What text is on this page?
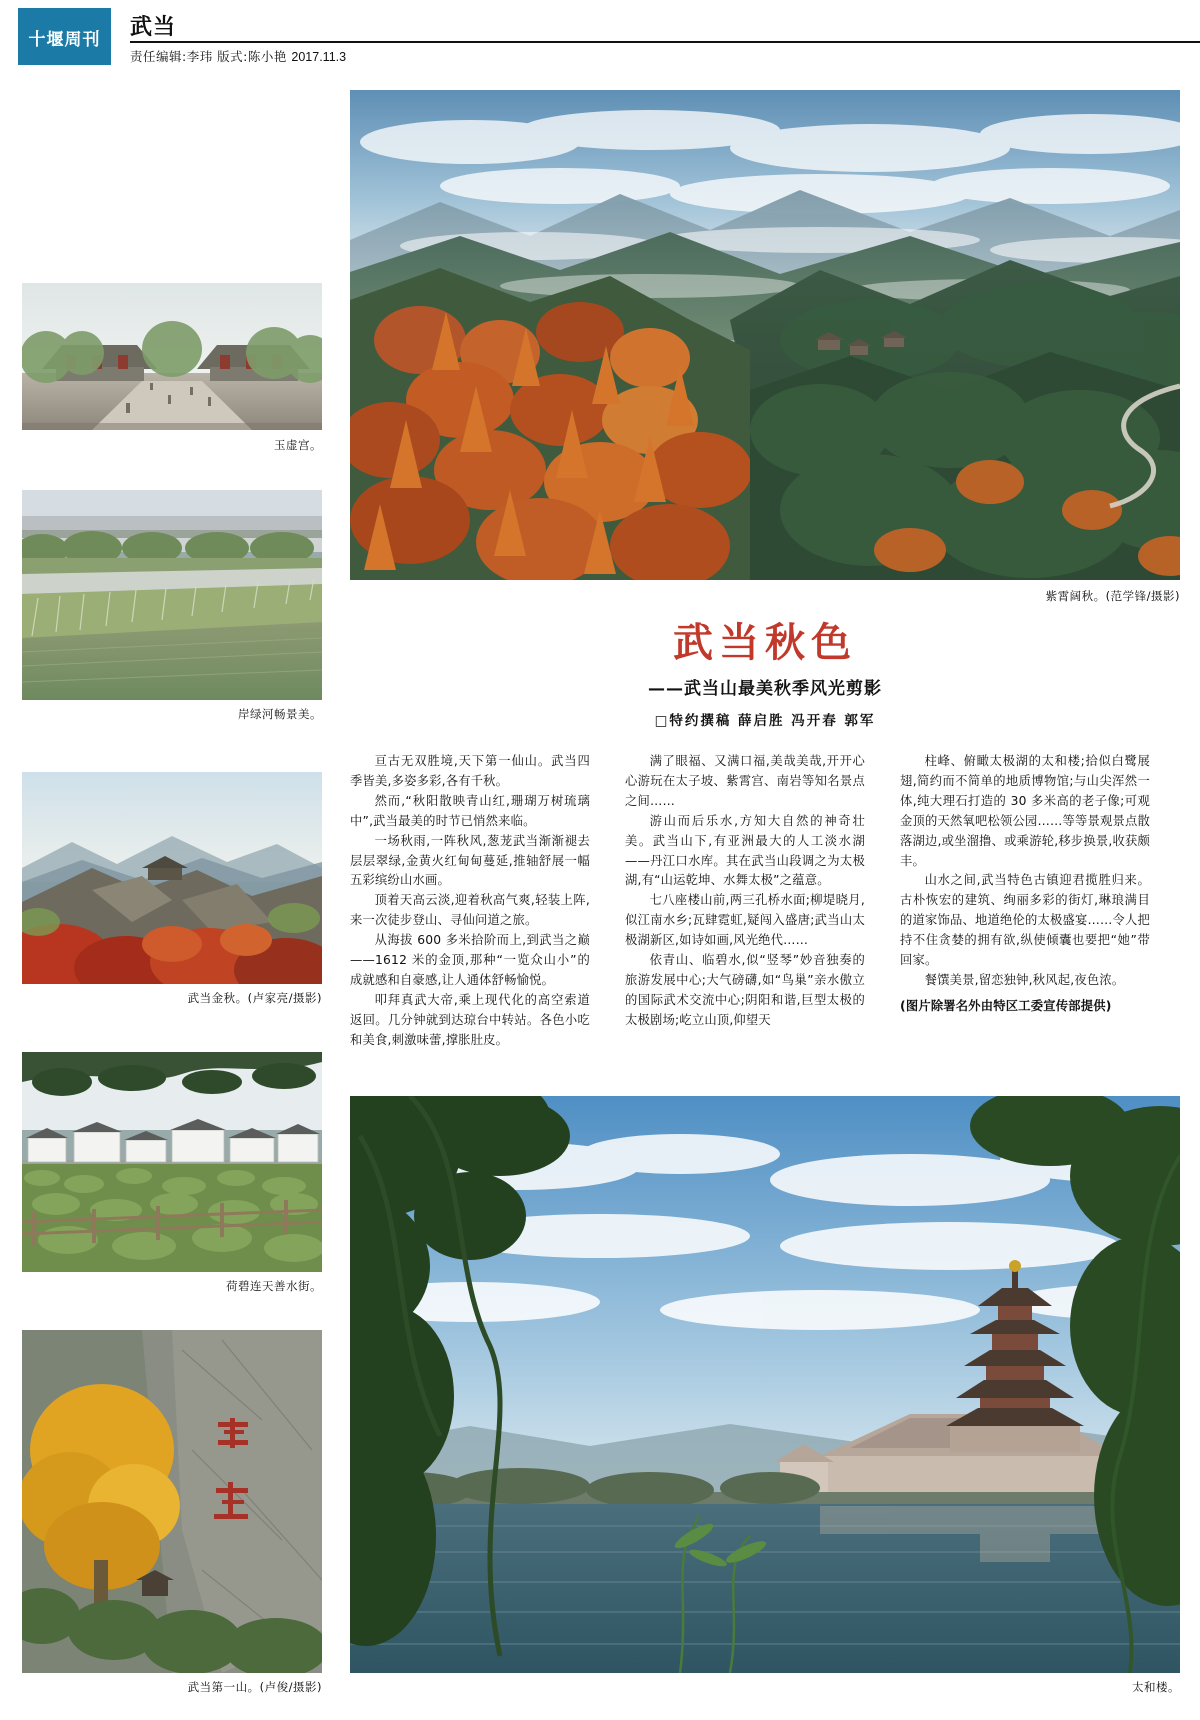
十堰周刊	武当
责任编辑:李玮 版式:陈小艳 2017.11.3
玉虚宫。
岸绿河畅景美。
武当金秋。(卢家亮/摄影)
荷碧连天善水街。
武当第一山。(卢俊/摄影)
紫霄阔秋。(范学锋/摄影)
武当秋色
——武当山最美秋季风光剪影
□特约撰稿 薛启胜 冯开春 郭军

亘古无双胜境,天下第一仙山。武当四季皆美,多姿多彩,各有千秋。

然而,“秋阳散映青山红,珊瑚万树琉璃中”,武当最美的时节已悄然来临。

一场秋雨,一阵秋风,葱茏武当渐渐褪去层层翠绿,金黄火红甸甸蔓延,推轴舒展一幅五彩缤纷山水画。

顶着天高云淡,迎着秋高气爽,轻装上阵,来一次徒步登山、寻仙问道之旅。

从海拔 600 多米拾阶而上,到武当之巅——1612 米的金顶,那种“一览众山小”的成就感和自豪感,让人通体舒畅愉悦。

叩拜真武大帝,乘上现代化的高空索道返回。几分钟就到达琼台中转站。各色小吃和美食,刺激味蕾,撑胀肚皮。

满了眼福、又满口福,美哉美哉,开开心心游玩在太子坡、紫霄宫、南岩等知名景点之间……

游山而后乐水,方知大自然的神奇壮美。武当山下,有亚洲最大的人工淡水湖——丹江口水库。其在武当山段调之为太极湖,有“山运乾坤、水舞太极”之蕴意。

七八座楼山前,两三孔桥水面;柳堤晓月,似江南水乡;瓦肆霓虹,疑闯入盛唐;武当山太极湖新区,如诗如画,风光绝代……

依青山、临碧水,似“竖琴”妙音独奏的旅游发展中心;大气磅礴,如“鸟巢”亲水傲立的国际武术交流中心;阴阳和谐,巨型太极的太极剧场;屹立山顶,仰望天

柱峰、俯瞰太极湖的太和楼;拾似白鹭展翅,简约而不简单的地质博物馆;与山尖浑然一体,纯大理石打造的 30 多米高的老子像;可观金顶的天然氧吧松领公园……等等景观景点散落湖边,或坐溜撸、或乘游轮,移步换景,收获颇丰。

山水之间,武当特色古镇迎君揽胜归来。古朴恢宏的建筑、绚丽多彩的街灯,琳琅满目的道家饰品、地道绝伦的太极盛宴……令人把持不住贪婪的拥有欲,纵使倾囊也要把“她”带回家。

餐馔美景,留恋独钟,秋风起,夜色浓。

(图片除署名外由特区工委宣传部提供)

太和楼。
